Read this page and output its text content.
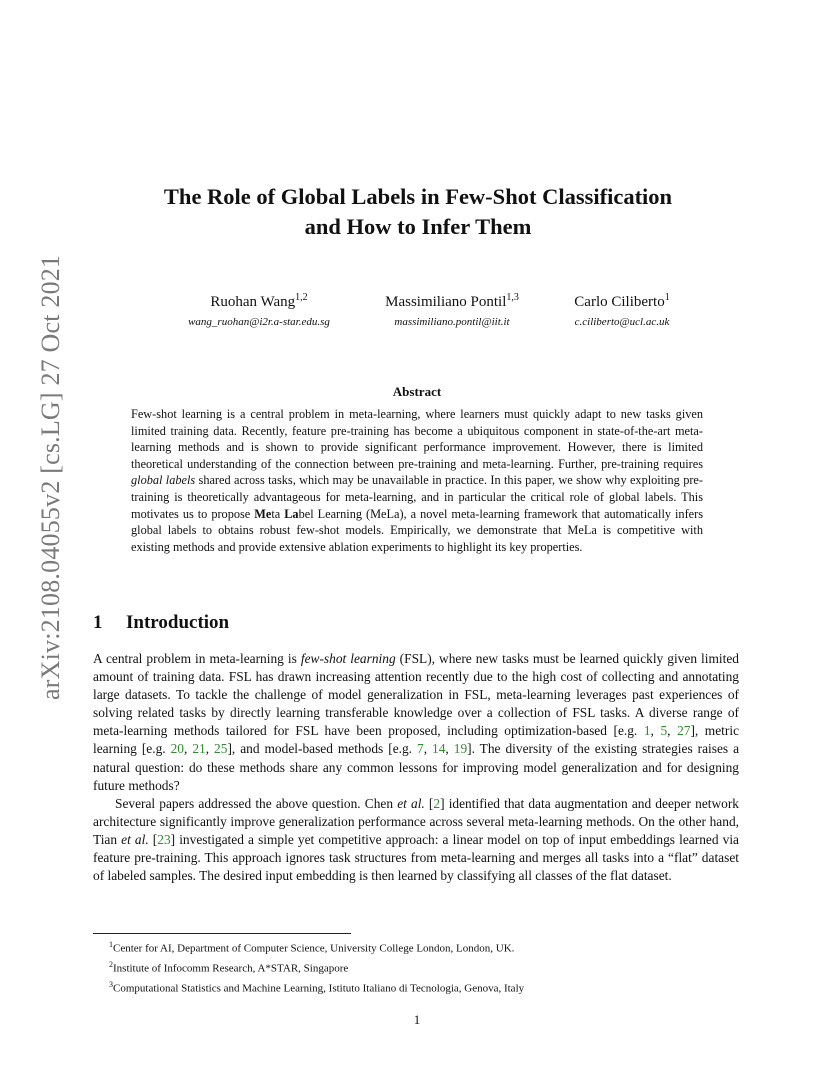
arXiv:2108.04055v2 [cs.LG] 27 Oct 2021
The Role of Global Labels in Few-Shot Classification
and How to Infer Them
Ruohan Wang$^{1,2}$
wang_ruohan@i2r.a-star.edu.sg
Massimiliano Pontil$^{1,3}$
massimiliano.pontil@iit.it
Carlo Ciliberto$^1$
c.ciliberto@ucl.ac.uk
Abstract
Few-shot learning is a central problem in meta-learning, where learners must quickly adapt to new tasks given limited training data. Recently, feature pre-training has become a ubiquitous component in state-of-the-art meta-learning methods and is shown to provide significant performance improvement. However, there is limited theoretical understanding of the connection between pre-training and meta-learning. Further, pre-training requires global labels shared across tasks, which may be unavailable in practice. In this paper, we show why exploiting pre-training is theoretically advantageous for meta-learning, and in particular the critical role of global labels. This motivates us to propose Meta Label Learning (MeLa), a novel meta-learning framework that automatically infers global labels to obtains robust few-shot models. Empirically, we demonstrate that MeLa is competitive with existing methods and provide extensive ablation experiments to highlight its key properties.
1 Introduction

A central problem in meta-learning is few-shot learning (FSL), where new tasks must be learned quickly given limited amount of training data. FSL has drawn increasing attention recently due to the high cost of collecting and annotating large datasets. To tackle the challenge of model generalization in FSL, meta-learning leverages past experiences of solving related tasks by directly learning transferable knowledge over a collection of FSL tasks. A diverse range of meta-learning methods tailored for FSL have been proposed, including optimization-based [e.g. 1, 5, 27], metric learning [e.g. 20, 21, 25], and model-based methods [e.g. 7, 14, 19]. The diversity of the existing strategies raises a natural question: do these methods share any common lessons for improving model generalization and for designing future methods?

Several papers addressed the above question. Chen et al. [2] identified that data augmentation and deeper network architecture significantly improve generalization performance across several meta-learning methods. On the other hand, Tian et al. [23] investigated a simple yet competitive approach: a linear model on top of input embeddings learned via feature pre-training. This approach ignores task structures from meta-learning and merges all tasks into a “flat” dataset of labeled samples. The desired input embedding is then learned by classifying all classes of the flat dataset.

$^1$Center for AI, Department of Computer Science, University College London, London, UK.
$^2$Institute of Infocomm Research, A*STAR, Singapore
$^3$Computational Statistics and Machine Learning, Istituto Italiano di Tecnologia, Genova, Italy
1
